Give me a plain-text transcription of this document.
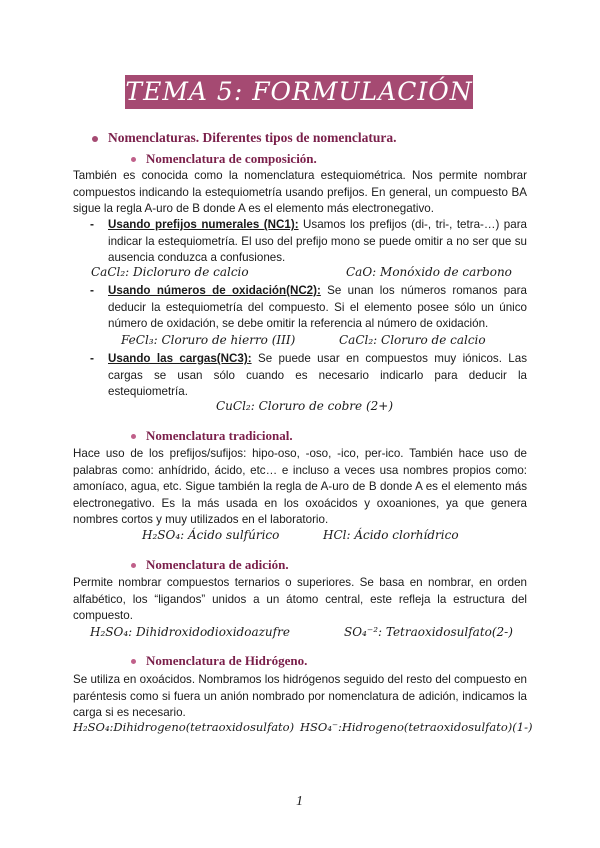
TEMA 5: FORMULACIÓN
Nomenclaturas. Diferentes tipos de nomenclatura.
Nomenclatura de composición.
También es conocida como la nomenclatura estequiométrica. Nos permite nombrar compuestos indicando la estequiometría usando prefijos. En general, un compuesto BA sigue la regla A-uro de B donde A es el elemento más electronegativo.
- Usando prefijos numerales (NC1): Usamos los prefijos (di-, tri-, tetra-…) para indicar la estequiometría. El uso del prefijo mono se puede omitir a no ser que su ausencia conduzca a confusiones.
CaCl₂: Dicloruro de calcio	CaO: Monóxido de carbono
- Usando números de oxidación(NC2): Se unan los números romanos para deducir la estequiometría del compuesto. Si el elemento posee sólo un único número de oxidación, se debe omitir la referencia al número de oxidación.
FeCl₃: Cloruro de hierro (III)	CaCl₂: Cloruro de calcio
- Usando las cargas(NC3): Se puede usar en compuestos muy iónicos. Las cargas se usan sólo cuando es necesario indicarlo para deducir la estequiometría.
CuCl₂: Cloruro de cobre (2+)
Nomenclatura tradicional.
Hace uso de los prefijos/sufijos: hipo-oso, -oso, -ico, per-ico. También hace uso de palabras como: anhídrido, ácido, etc… e incluso a veces usa nombres propios como: amoníaco, agua, etc. Sigue también la regla de A-uro de B donde A es el elemento más electronegativo. Es la más usada en los oxoácidos y oxoaniones, ya que genera nombres cortos y muy utilizados en el laboratorio.
H₂SO₄: Ácido sulfúrico	HCl: Ácido clorhídrico
Nomenclatura de adición.
Permite nombrar compuestos ternarios o superiores. Se basa en nombrar, en orden alfabético, los “ligandos” unidos a un átomo central, este refleja la estructura del compuesto.
H₂SO₄: Dihidroxidodioxidoazufre	SO₄⁻²: Tetraoxidosulfato(2-)
Nomenclatura de Hidrógeno.
Se utiliza en oxoácidos. Nombramos los hidrógenos seguido del resto del compuesto en paréntesis como si fuera un anión nombrado por nomenclatura de adición, indicamos la carga si es necesario.
H₂SO₄:Dihidrogeno(tetraoxidosulfato) HSO₄⁻:Hidrogeno(tetraoxidosulfato)(1-)
1
